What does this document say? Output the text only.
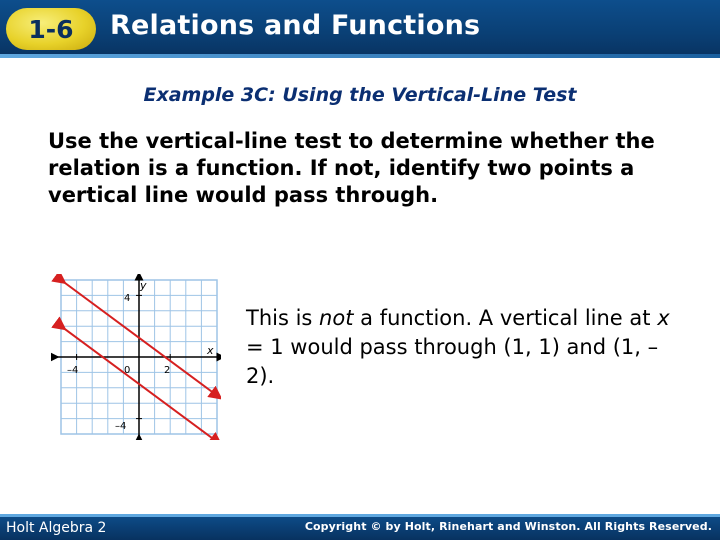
1-6	Relations and Functions
Example 3C: Using the Vertical-Line Test
Use the vertical-line test to determine whether the relation is a function. If not, identify two points a vertical line would pass through.
x
y
–4	0	2
4
–4
This is not a function. A vertical line at x = 1 would pass through (1, 1) and (1, –2).
Holt Algebra 2	Copyright © by Holt, Rinehart and Winston. All Rights Reserved.
